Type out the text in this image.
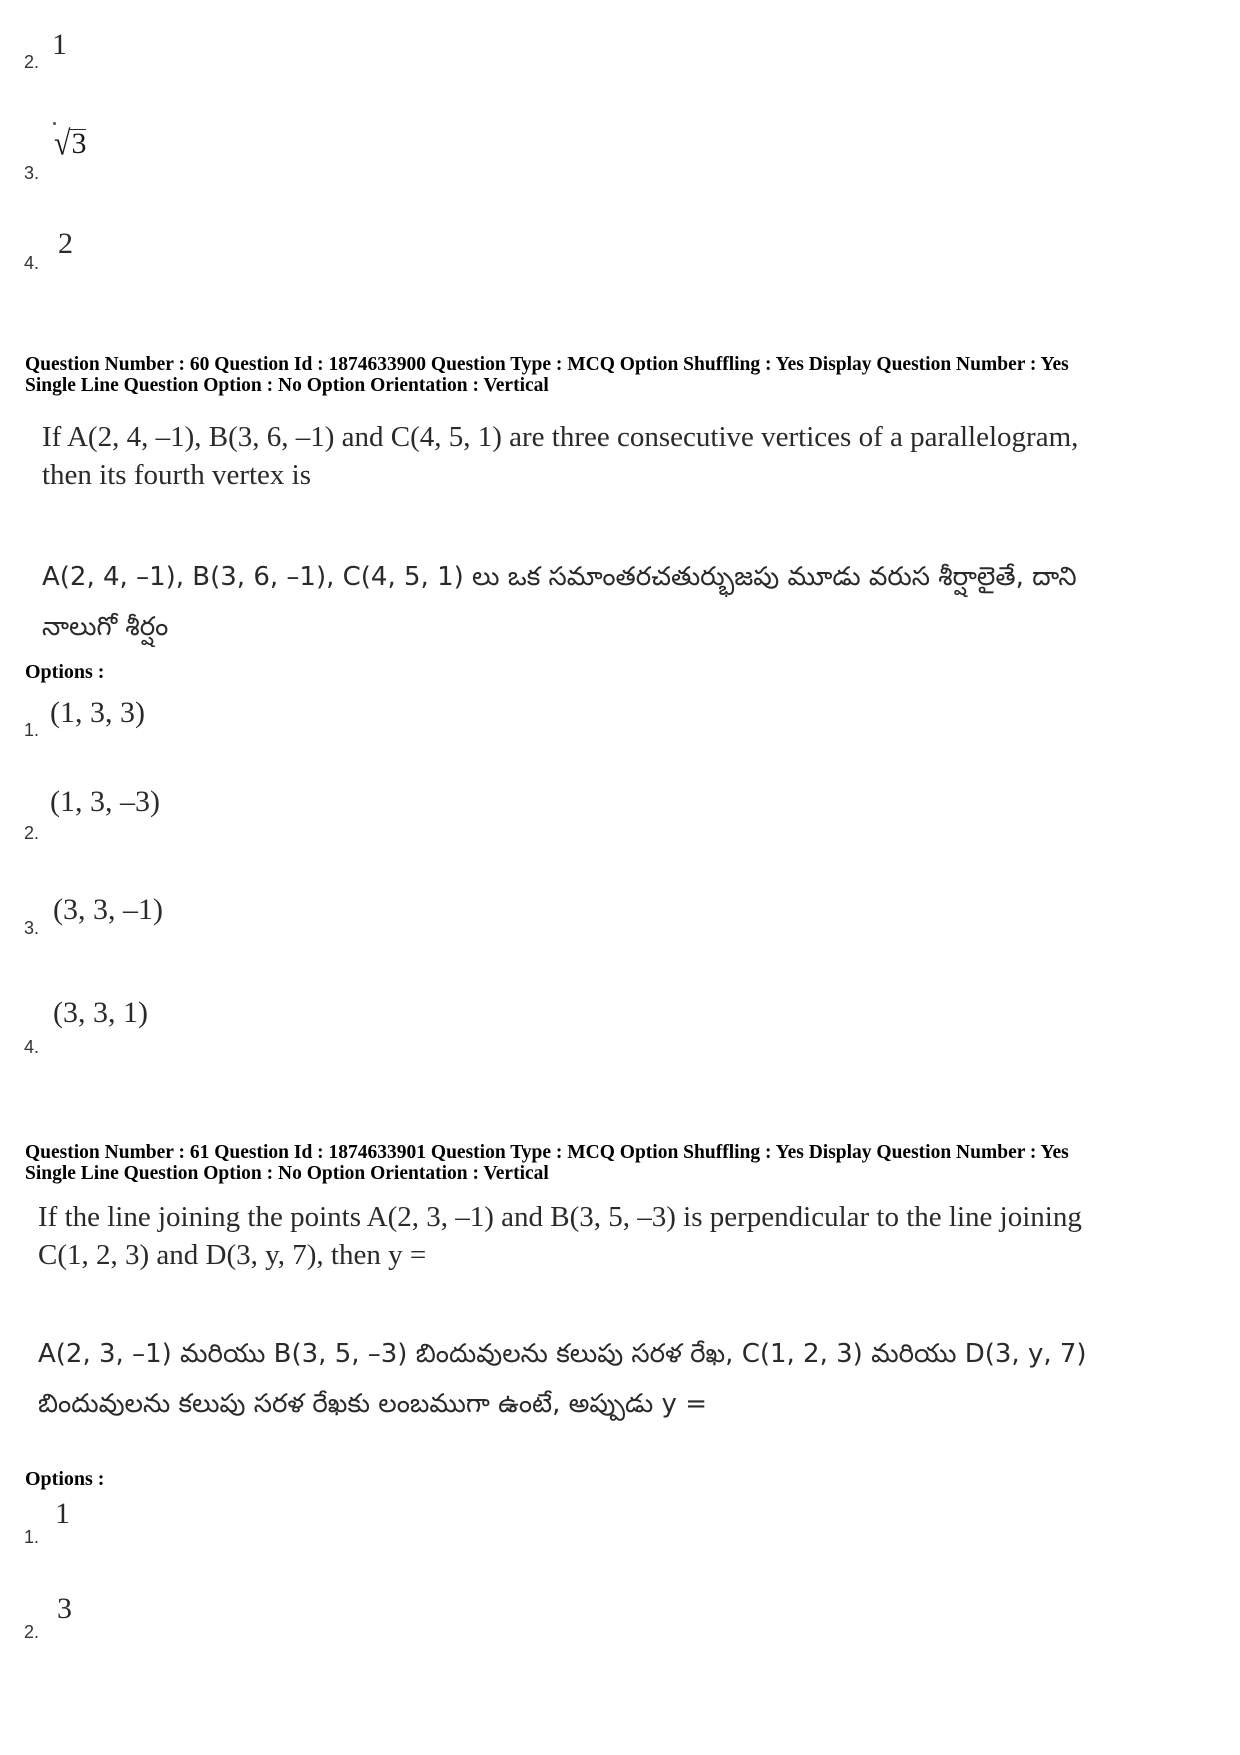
2.
1
3.
√3
4.
2
Question Number : 60 Question Id : 1874633900 Question Type : MCQ Option Shuffling : Yes Display Question Number : Yes
Single Line Question Option : No Option Orientation : Vertical
If A(2, 4, –1), B(3, 6, –1) and C(4, 5, 1) are three consecutive vertices of a parallelogram,
then its fourth vertex is
A(2, 4, –1), B(3, 6, –1), C(4, 5, 1) లు ఒక సమాంతరచతుర్భుజపు మూడు వరుస శీర్షాలైతే, దాని
నాలుగో శీర్షం
Options :
1.
(1, 3, 3)
2.
(1, 3, –3)
3.
(3, 3, –1)
4.
(3, 3, 1)
Question Number : 61 Question Id : 1874633901 Question Type : MCQ Option Shuffling : Yes Display Question Number : Yes
Single Line Question Option : No Option Orientation : Vertical
If the line joining the points A(2, 3, –1) and B(3, 5, –3) is perpendicular to the line joining
C(1, 2, 3) and D(3, y, 7), then y =
A(2, 3, –1) మరియు B(3, 5, –3) బిందువులను కలుపు సరళ రేఖ, C(1, 2, 3) మరియు D(3, y, 7)
బిందువులను కలుపు సరళ రేఖకు లంబముగా ఉంటే, అప్పుడు y =
Options :
1.
1
2.
3
